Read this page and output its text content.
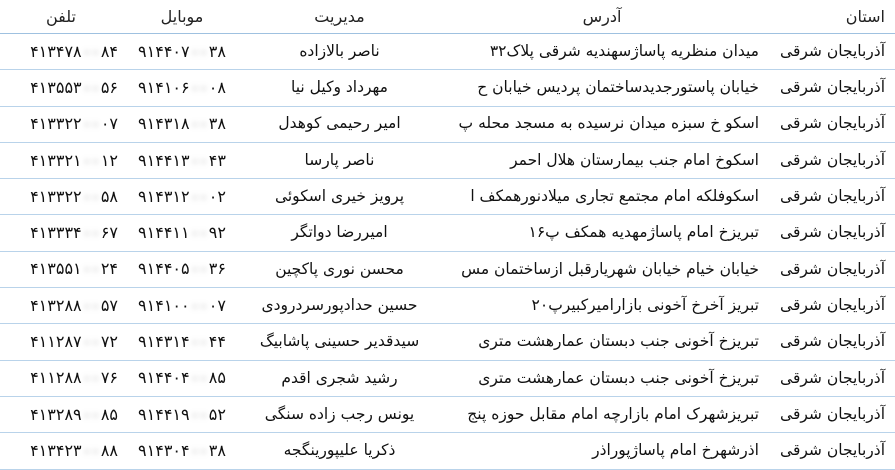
استان
آدرس
مدیریت
موبایل
تلفن
آذربایجان شرقی
میدان منظریه پاساژسهندیه شرقی پلاک۳۲
ناصر بالازاده
۹۱۴۴۰۷ ۰۰ ۳۸
۴۱۳۴۷۸ ۰۰ ۸۴
آذربایجان شرقی
خیابان پاستورجدیدساختمان پردیس خیابان ح
مهرداد وکیل نیا
۹۱۴۱۰۶ ۰۰ ۰۸
۴۱۳۵۵۳ ۰۰ ۵۶
آذربایجان شرقی
اسکو خ سبزه میدان نرسیده به مسجد محله پ
امیر رحیمی کوهدل
۹۱۴۳۱۸ ۰۰ ۳۸
۴۱۳۳۲۲ ۰۰ ۰۷
آذربایجان شرقی
اسکوخ امام جنب بیمارستان هلال احمر
ناصر پارسا
۹۱۴۴۱۳ ۰۰ ۴۳
۴۱۳۳۲۱ ۰۰ ۱۲
آذربایجان شرقی
اسکوفلکه امام مجتمع تجاری میلادنورهمکف ا
پرویز خیری اسکوئی
۹۱۴۳۱۲ ۰۰ ۰۲
۴۱۳۳۲۲ ۰۰ ۵۸
آذربایجان شرقی
تبریزخ امام پاساژمهدیه همکف پ۱۶
امیررضا دواتگر
۹۱۴۴۱۱ ۰۰ ۹۲
۴۱۳۳۳۴ ۰۰ ۶۷
آذربایجان شرقی
خیابان خیام خیابان شهریارقبل ازساختمان مس
محسن نوری پاکچین
۹۱۴۴۰۵ ۰۰ ۳۶
۴۱۳۵۵۱ ۰۰ ۲۴
آذربایجان شرقی
تبریز آخرخ آخونی بازارامیرکبیرپ۲۰
حسین حدادپورسردرودی
۹۱۴۱۰۰ ۰۰ ۰۷
۴۱۳۲۸۸ ۰۰ ۵۷
آذربایجان شرقی
تبریزخ آخونی جنب دبستان عمارهشت متری
سیدقدیر حسینی پاشابیگ
۹۱۴۳۱۴ ۰۰ ۴۴
۴۱۱۲۸۷ ۰۰ ۷۲
آذربایجان شرقی
تبریزخ آخونی جنب دبستان عمارهشت متری
رشید شجری اقدم
۹۱۴۴۰۴ ۰۰ ۸۵
۴۱۱۲۸۸ ۰۰ ۷۶
آذربایجان شرقی
تبریزشهرک امام بازارچه امام مقابل حوزه پنج
یونس رجب زاده سنگی
۹۱۴۴۱۹ ۰۰ ۵۲
۴۱۳۲۸۹ ۰۰ ۸۵
آذربایجان شرقی
اذرشهرخ امام پاساژپوراذر
ذکریا علیپورینگجه
۹۱۴۳۰۴ ۰۰ ۳۸
۴۱۳۴۲۳ ۰۰ ۸۸
